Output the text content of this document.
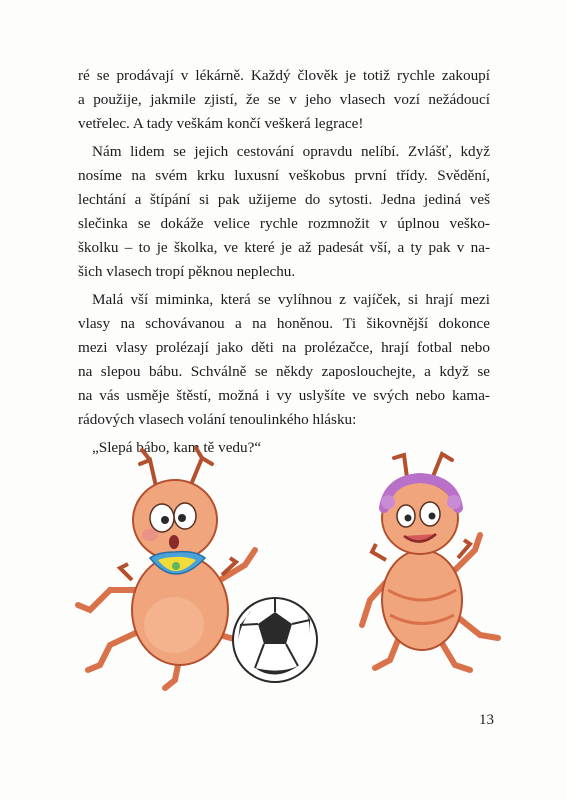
ré se prodávají v lékárně. Každý člověk je totiž rychle zakoupí
a použije, jakmile zjistí, že se v jeho vlasech vozí nežádoucí
vetřelec. A tady veškám končí veškerá legrace!

Nám lidem se jejich cestování opravdu nelíbí. Zvlášť, když
nosíme na svém krku luxusní veškobus první třídy. Svědění,
lechtání a štípání si pak užijeme do sytosti. Jedna jediná veš
slečinka se dokáže velice rychle rozmnožit v úplnou veško-
školku – to je školka, ve které je až padesát vší, a ty pak v na-
šich vlasech tropí pěknou neplechu.

Malá vší miminka, která se vylíhnou z vajíček, si hrají mezi
vlasy na schovávanou a na honěnou. Ti šikovnější dokonce
mezi vlasy prolézají jako děti na prolézačce, hrají fotbal nebo
na slepou bábu. Schválně se někdy zaposlouchejte, a když se
na vás usměje štěstí, možná i vy uslyšíte ve svých nebo kama-
rádových vlasech volání tenoulinkého hlásku:

„Slepá bábo, kam tě vedu?“

13
